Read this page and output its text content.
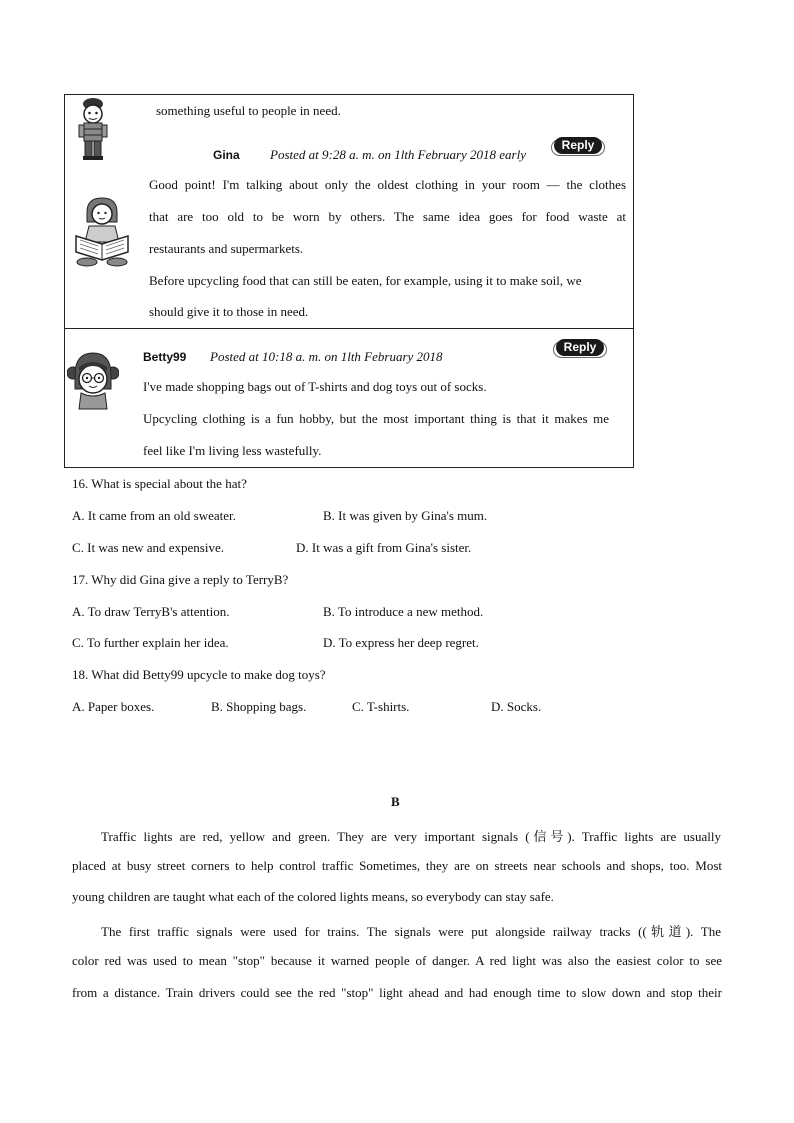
something useful to people in need.
Reply
Gina Posted at 9:28 a. m. on 1lth February 2018 early
Good point! I'm talking about only the oldest clothing in your room — the clothes
that are too old to be worn by others. The same idea goes for food waste at
restaurants and supermarkets.
Before upcycling food that can still be eaten, for example, using it to make soil, we
should give it to those in need.
Reply
Betty99 Posted at 10:18 a. m. on 1lth February 2018
I've made shopping bags out of T-shirts and dog toys out of socks.
Upcycling clothing is a fun hobby, but the most important thing is that it makes me
feel like I'm living less wastefully.
16. What is special about the hat?
A. It came from an old sweater.	B. It was given by Gina's mum.
C. It was new and expensive.	D. It was a gift from Gina's sister.
17. Why did Gina give a reply to TerryB?
A. To draw TerryB's attention.	B. To introduce a new method.
C. To further explain her idea.	D. To express her deep regret.
18. What did Betty99 upcycle to make dog toys?
A. Paper boxes.	B. Shopping bags.	C. T-shirts.	D. Socks.
B
Traffic lights are red, yellow and green. They are very important signals (信号). Traffic lights are usually
placed at busy street corners to help control traffic Sometimes, they are on streets near schools and shops, too. Most
young children are taught what each of the colored lights means, so everybody can stay safe.
The first traffic signals were used for trains. The signals were put alongside railway tracks ((轨道). The
color red was used to mean "stop" because it warned people of danger. A red light was also the easiest color to see
from a distance. Train drivers could see the red "stop" light ahead and had enough time to slow down and stop their
